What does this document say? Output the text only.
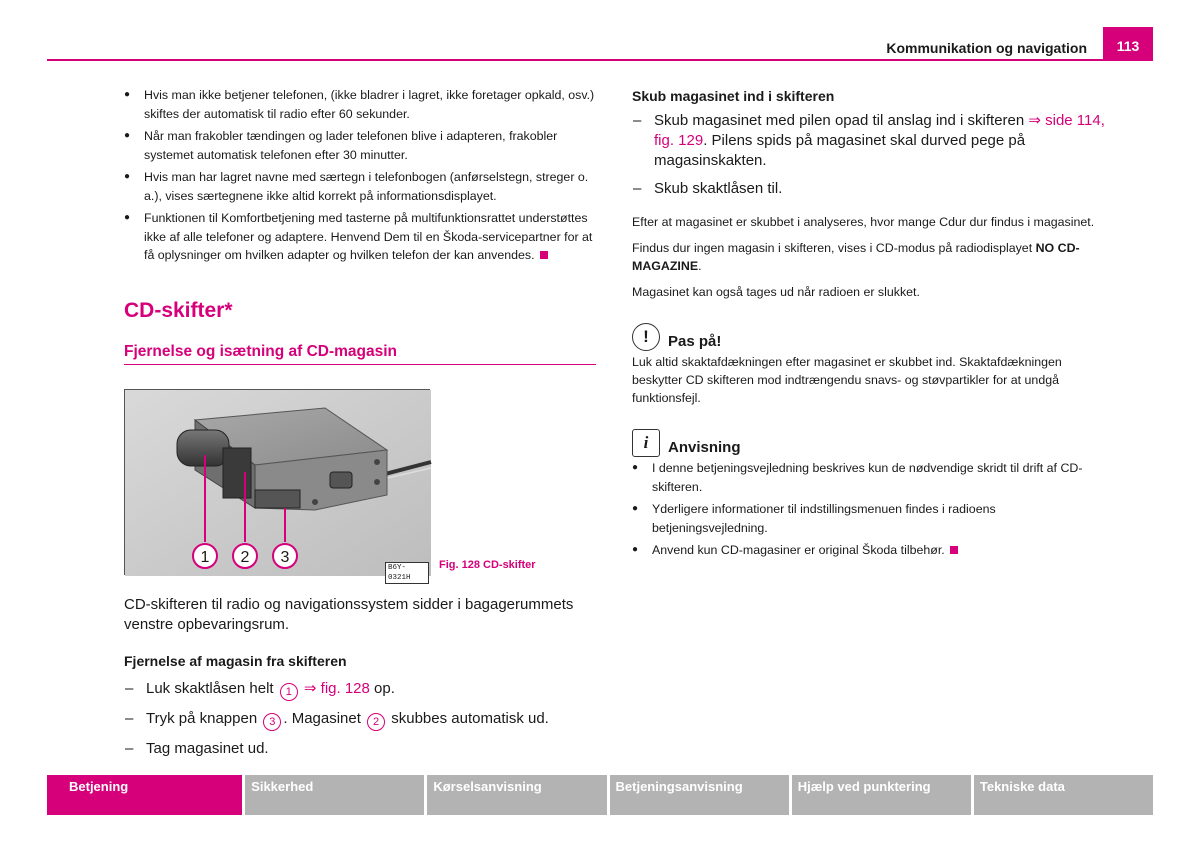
Kommunikation og navigation	113

● Hvis man ikke betjener telefonen, (ikke bladrer i lagret, ikke foretager opkald, osv.) skiftes der automatisk til radio efter 60 sekunder.

● Når man frakobler tændingen og lader telefonen blive i adapteren, frakobler systemet automatisk telefonen efter 30 minutter.

● Hvis man har lagret navne med særtegn i telefonbogen (anførselstegn, streger o. a.), vises særtegnene ikke altid korrekt på informationsdisplayet.

● Funktionen til Komfortbetjening med tasterne på multifunktionsrattet understøttes ikke af alle telefoner og adaptere. Henvend Dem til en Škoda-servicepartner for at få oplysninger om hvilken adapter og hvilken telefon der kan anvendes.

CD-skifter*
Fjernelse og isætning af CD-magasin
1 2 3
B6Y-0321H
Fig. 128 CD-skifter

CD-skifteren til radio og navigationssystem sidder i bagagerummets venstre opbevaringsrum.

Fjernelse af magasin fra skifteren

– Luk skaktlåsen helt 1 ⇒ fig. 128 op.

– Tryk på knappen 3 . Magasinet 2 skubbes automatisk ud.

– Tag magasinet ud.

Skub magasinet ind i skifteren

– Skub magasinet med pilen opad til anslag ind i skifteren ⇒ side 114, fig. 129. Pilens spids på magasinet skal durved pege på magasinskakten.

– Skub skaktlåsen til.

Efter at magasinet er skubbet i analyseres, hvor mange Cdur dur findus i magasinet.

Findus dur ingen magasin i skifteren, vises i CD-modus på radiodisplayet NO CD-MAGAZINE.

Magasinet kan også tages ud når radioen er slukket.

! Pas på!

Luk altid skaktafdækningen efter magasinet er skubbet ind. Skaktafdækningen beskytter CD skifteren mod indtrængendu snavs- og støvpartikler for at undgå funktionsfejl.

i Anvisning

● I denne betjeningsvejledning beskrives kun de nødvendige skridt til drift af CD-skifteren.

● Yderligere informationer til indstillingsmenuen findes i radioens betjeningsvejledning.

● Anvend kun CD-magasiner er original Škoda tilbehør.

Betjening	Sikkerhed	Kørselsanvisning	Betjeningsanvisning	Hjælp ved punktering	Tekniske data
